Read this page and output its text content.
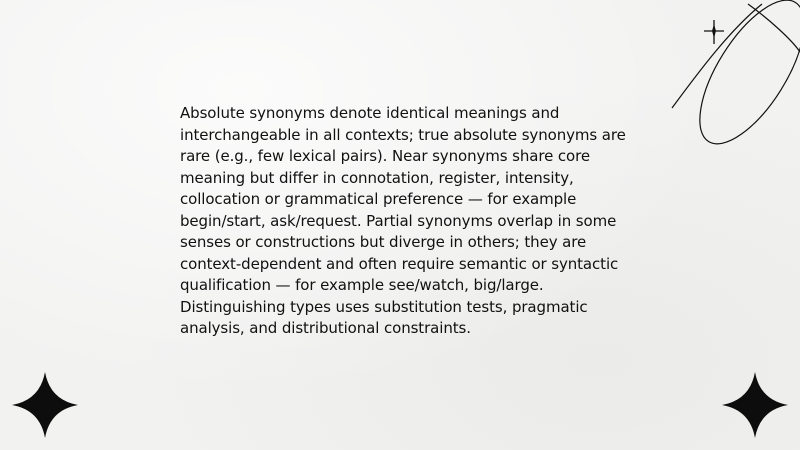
Absolute synonyms denote identical meanings and interchangeable in all contexts; true absolute synonyms are rare (e.g., few lexical pairs). Near synonyms share core meaning but differ in connotation, register, intensity, collocation or grammatical preference — for example begin/start, ask/request. Partial synonyms overlap in some senses or constructions but diverge in others; they are context-dependent and often require semantic or syntactic qualification — for example see/watch, big/large. Distinguishing types uses substitution tests, pragmatic analysis, and distributional constraints.
